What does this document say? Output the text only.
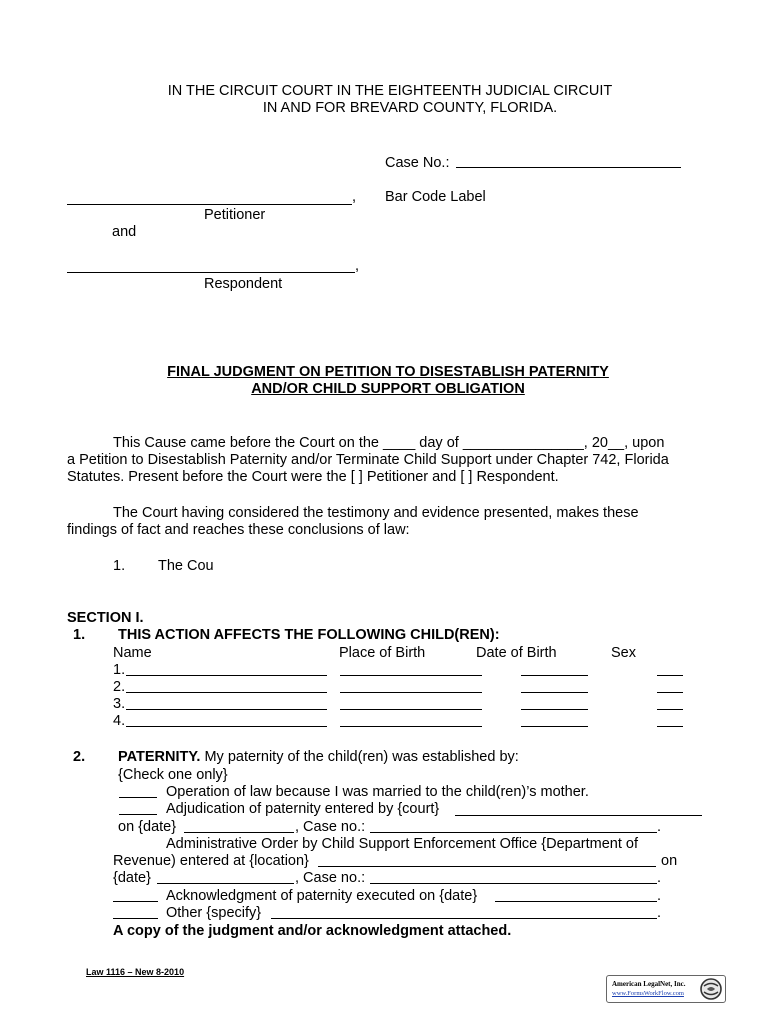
IN THE CIRCUIT COURT IN THE EIGHTEENTH JUDICIAL CIRCUIT
IN AND FOR BREVARD COUNTY, FLORIDA.
Case No.:
, Bar Code Label
Petitioner
and
,
Respondent
FINAL JUDGMENT ON PETITION TO DISESTABLISH PATERNITY
AND/OR CHILD SUPPORT OBLIGATION
This Cause came before the Court on the ____ day of _______________, 20__, upon
a Petition to Disestablish Paternity and/or Terminate Child Support under Chapter 742, Florida
Statutes. Present before the Court were the [ ] Petitioner and [ ] Respondent.
The Court having considered the testimony and evidence presented, makes these
findings of fact and reaches these conclusions of law:
1. The Cou
SECTION I.
1. THIS ACTION AFFECTS THE FOLLOWING CHILD(REN):
Name	Place of Birth	Date of Birth	Sex
1.
2.
3.
4.
2. PATERNITY. My paternity of the child(ren) was established by:
{Check one only}
Operation of law because I was married to the child(ren)’s mother.
Adjudication of paternity entered by {court}
on {date}	, Case no.:	.
Administrative Order by Child Support Enforcement Office {Department of
Revenue) entered at {location}	on
{date}	, Case no.:	.
Acknowledgment of paternity executed on {date}	.
Other {specify}	.
A copy of the judgment and/or acknowledgment attached.
Law 1116 – New 8-2010
American LegalNet, Inc.
www.FormsWorkFlow.com
